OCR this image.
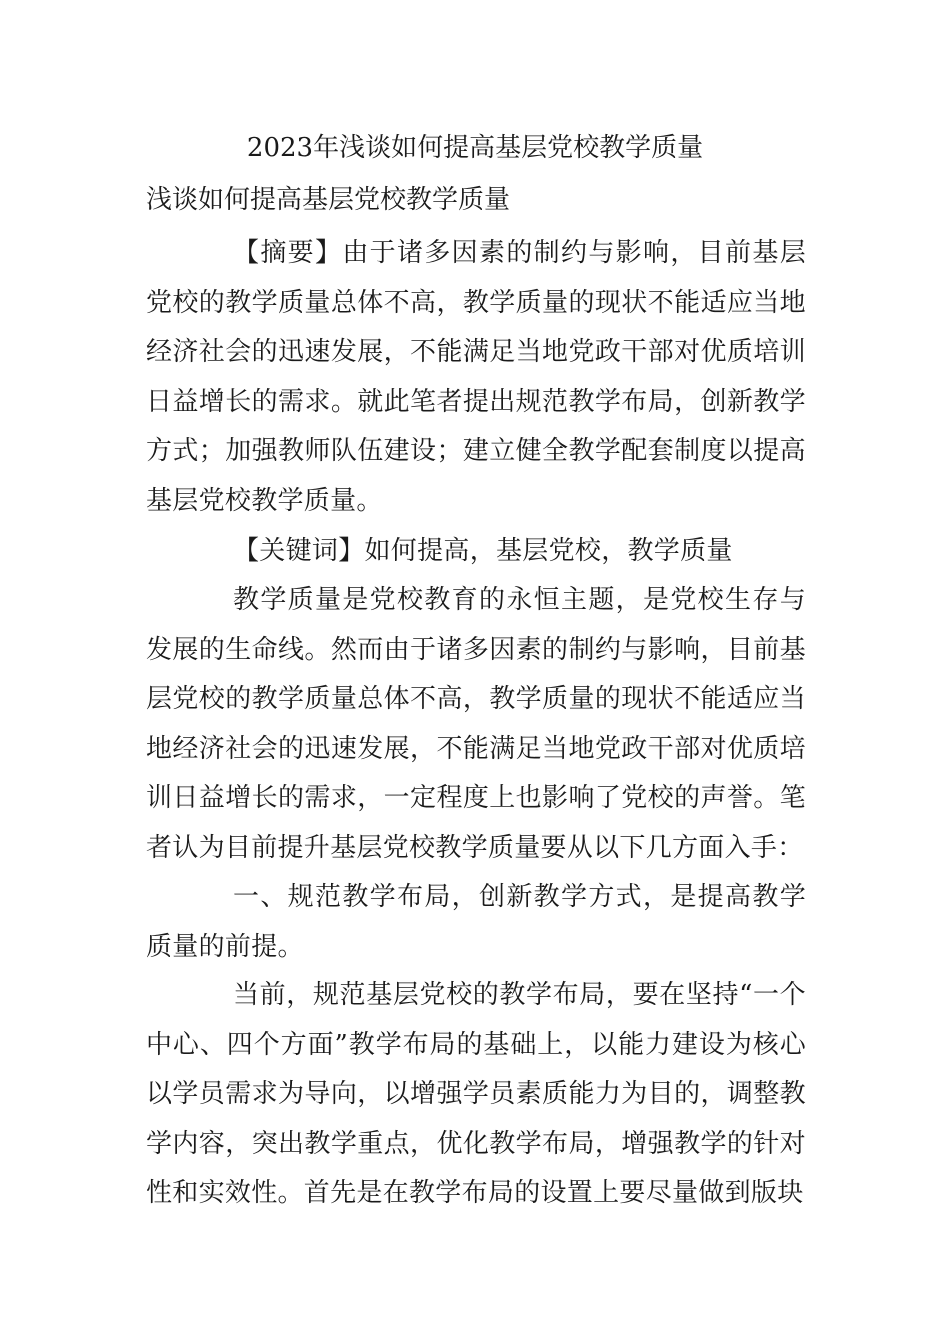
2023年浅谈如何提高基层党校教学质量
浅谈如何提高基层党校教学质量

【摘要】由于诸多因素的制约与影响，目前基层党校的教学质量总体不高，教学质量的现状不能适应当地经济社会的迅速发展，不能满足当地党政干部对优质培训日益增长的需求。就此笔者提出规范教学布局，创新教学方式；加强教师队伍建设；建立健全教学配套制度以提高基层党校教学质量。

【关键词】如何提高，基层党校，教学质量

教学质量是党校教育的永恒主题，是党校生存与发展的生命线。然而由于诸多因素的制约与影响，目前基层党校的教学质量总体不高，教学质量的现状不能适应当地经济社会的迅速发展，不能满足当地党政干部对优质培训日益增长的需求，一定程度上也影响了党校的声誉。笔者认为目前提升基层党校教学质量要从以下几方面入手：

一、规范教学布局，创新教学方式，是提高教学质量的前提。

当前，规范基层党校的教学布局，要在坚持“一个中心、四个方面”教学布局的基础上，以能力建设为核心以学员需求为导向，以增强学员素质能力为目的，调整教学内容，突出教学重点，优化教学布局，增强教学的针对性和实效性。首先是在教学布局的设置上要尽量做到版块
